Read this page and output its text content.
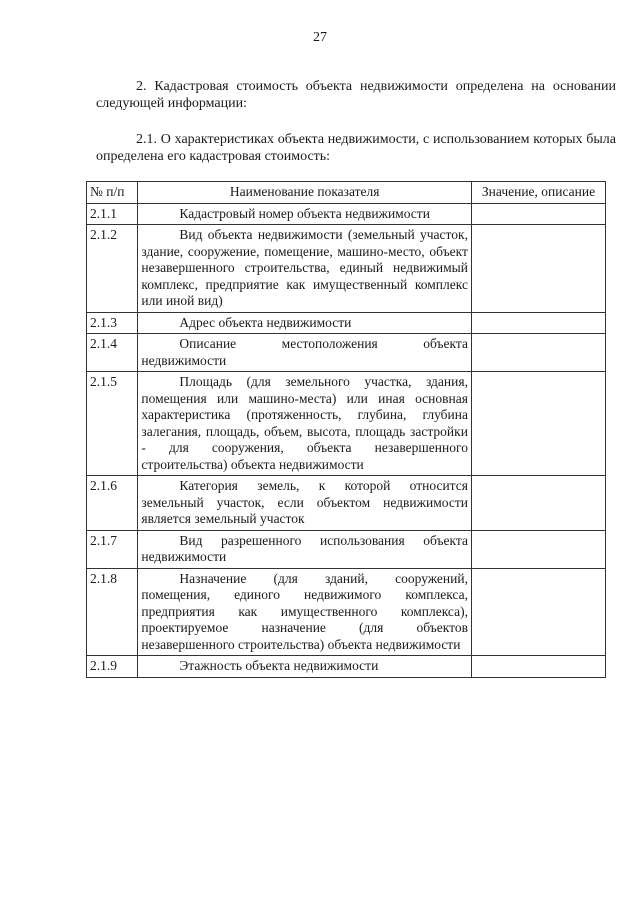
27
2. Кадастровая стоимость объекта недвижимости определена на основании следующей информации:
2.1. О характеристиках объекта недвижимости, с использованием которых была определена его кадастровая стоимость:
№ п/п	Наименование показателя	Значение, описание
2.1.1	Кадастровый номер объекта недвижимости	
2.1.2	Вид объекта недвижимости (земельный участок, здание, сооружение, помещение, машино-место, объект незавершенного строительства, единый недвижимый комплекс, предприятие как имущественный комплекс или иной вид)	
2.1.3	Адрес объекта недвижимости	
2.1.4	Описание местоположения объекта недвижимости	
2.1.5	Площадь (для земельного участка, здания, помещения или машино-места) или иная основная характеристика (протяженность, глубина, глубина залегания, площадь, объем, высота, площадь застройки - для сооружения, объекта незавершенного строительства) объекта недвижимости	
2.1.6	Категория земель, к которой относится земельный участок, если объектом недвижимости является земельный участок	
2.1.7	Вид разрешенного использования объекта недвижимости	
2.1.8	Назначение (для зданий, сооружений, помещения, единого недвижимого комплекса, предприятия как имущественного комплекса), проектируемое назначение (для объектов незавершенного строительства) объекта недвижимости	
2.1.9	Этажность объекта недвижимости	
